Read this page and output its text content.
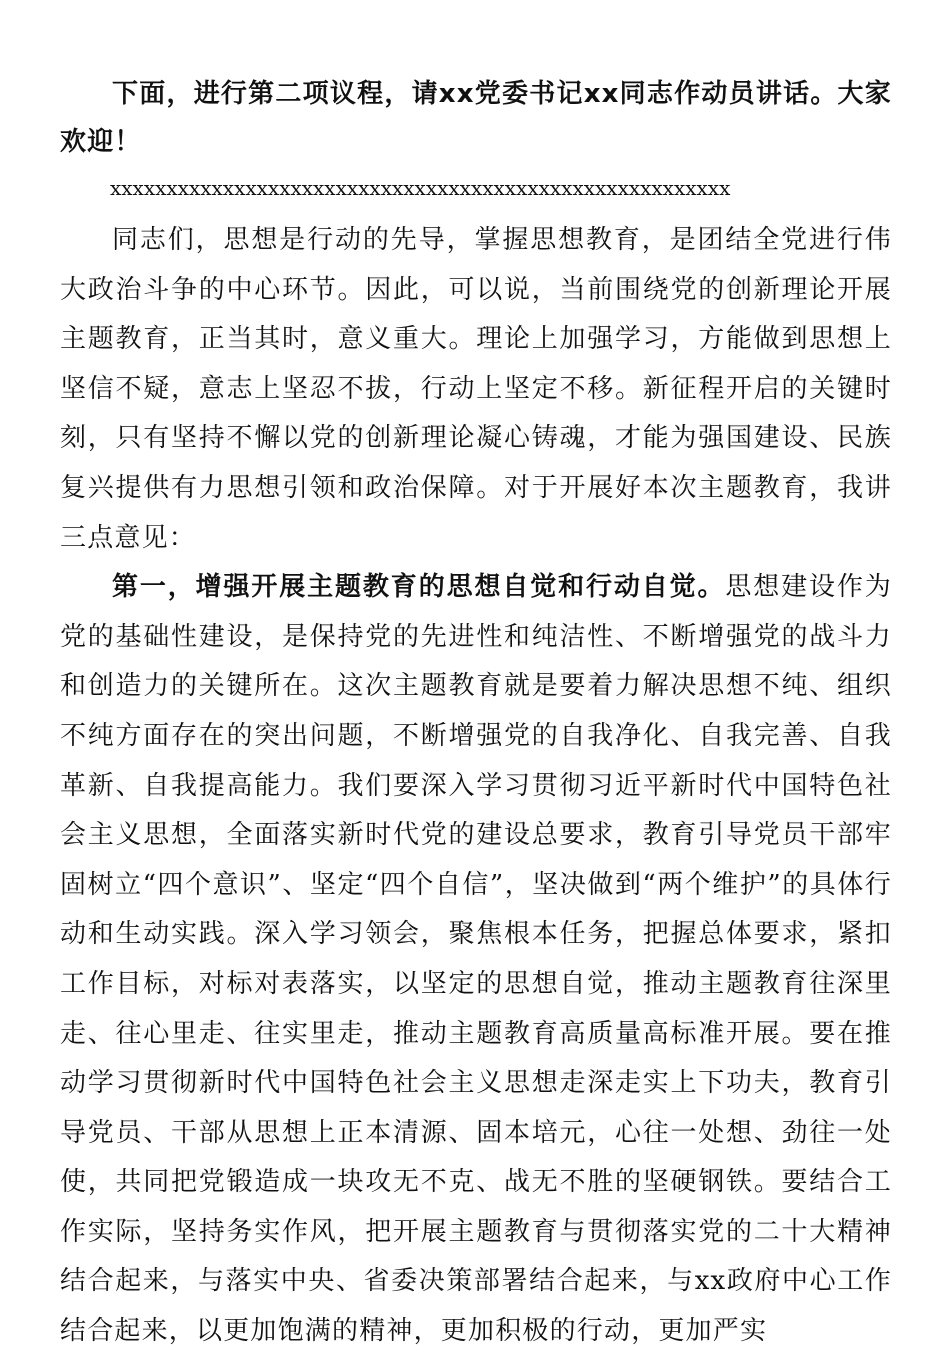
下面，进行第二项议程，请xx党委书记xx同志作动员讲话。大家欢迎！

xxxxxxxxxxxxxxxxxxxxxxxxxxxxxxxxxxxxxxxxxxxxxxxxxxxxxxx

同志们，思想是行动的先导，掌握思想教育，是团结全党进行伟大政治斗争的中心环节。因此，可以说，当前围绕党的创新理论开展主题教育，正当其时，意义重大。理论上加强学习，方能做到思想上坚信不疑，意志上坚忍不拔，行动上坚定不移。新征程开启的关键时刻，只有坚持不懈以党的创新理论凝心铸魂，才能为强国建设、民族复兴提供有力思想引领和政治保障。对于开展好本次主题教育，我讲三点意见：

第一，增强开展主题教育的思想自觉和行动自觉。思想建设作为党的基础性建设，是保持党的先进性和纯洁性、不断增强党的战斗力和创造力的关键所在。这次主题教育就是要着力解决思想不纯、组织不纯方面存在的突出问题，不断增强党的自我净化、自我完善、自我革新、自我提高能力。我们要深入学习贯彻习近平新时代中国特色社会主义思想，全面落实新时代党的建设总要求，教育引导党员干部牢固树立“四个意识”、坚定“四个自信”，坚决做到“两个维护”的具体行动和生动实践。深入学习领会，聚焦根本任务，把握总体要求，紧扣工作目标，对标对表落实，以坚定的思想自觉，推动主题教育往深里走、往心里走、往实里走，推动主题教育高质量高标准开展。要在推动学习贯彻新时代中国特色社会主义思想走深走实上下功夫，教育引导党员、干部从思想上正本清源、固本培元，心往一处想、劲往一处使，共同把党锻造成一块攻无不克、战无不胜的坚硬钢铁。要结合工作实际，坚持务实作风，把开展主题教育与贯彻落实党的二十大精神结合起来，与落实中央、省委决策部署结合起来，与xx政府中心工作结合起来，以更加饱满的精神，更加积极的行动，更加严实
